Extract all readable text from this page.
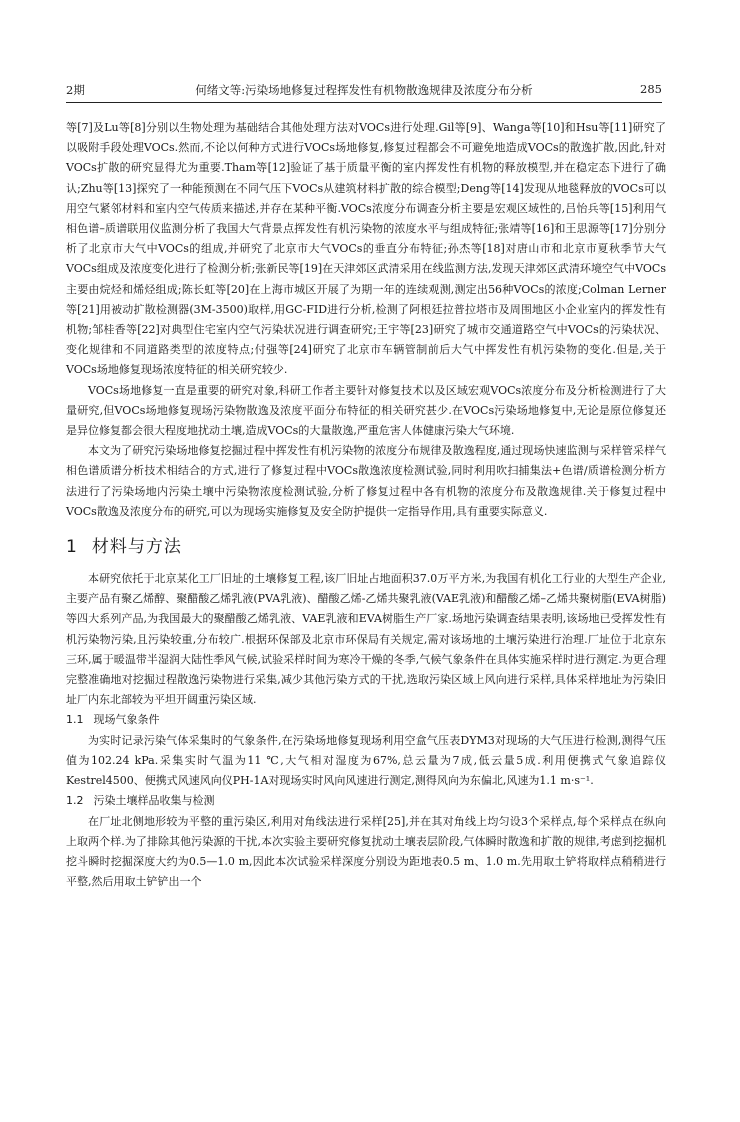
2期	何绪文等:污染场地修复过程挥发性有机物散逸规律及浓度分布分析	285

等[7]及Lu等[8]分别以生物处理为基础结合其他处理方法对VOCs进行处理.Gil等[9]、Wanga等[10]和Hsu等[11]研究了以吸附手段处理VOCs.然而,不论以何种方式进行VOCs场地修复,修复过程都会不可避免地造成VOCs的散逸扩散,因此,针对VOCs扩散的研究显得尤为重要.Tham等[12]验证了基于质量平衡的室内挥发性有机物的释放模型,并在稳定态下进行了确认;Zhu等[13]探究了一种能预测在不同气压下VOCs从建筑材料扩散的综合模型;Deng等[14]发现从地毯释放的VOCs可以用空气紧邻材料和室内空气传质来描述,并存在某种平衡.VOCs浓度分布调查分析主要是宏观区域性的,吕怡兵等[15]利用气相色谱–质谱联用仪监测分析了我国大气背景点挥发性有机污染物的浓度水平与组成特征;张靖等[16]和王思源等[17]分别分析了北京市大气中VOCs的组成,并研究了北京市大气VOCs的垂直分布特征;孙杰等[18]对唐山市和北京市夏秋季节大气VOCs组成及浓度变化进行了检测分析;张新民等[19]在天津郊区武清采用在线监测方法,发现天津郊区武清环境空气中VOCs主要由烷烃和烯烃组成;陈长虹等[20]在上海市城区开展了为期一年的连续观测,测定出56种VOCs的浓度;Colman Lerner等[21]用被动扩散检测器(3M-3500)取样,用GC-FID进行分析,检测了阿根廷拉普拉塔市及周围地区小企业室内的挥发性有机物;邹桂香等[22]对典型住宅室内空气污染状况进行调查研究;王宇等[23]研究了城市交通道路空气中VOCs的污染状况、变化规律和不同道路类型的浓度特点;付强等[24]研究了北京市车辆管制前后大气中挥发性有机污染物的变化.但是,关于VOCs场地修复现场浓度特征的相关研究较少.

VOCs场地修复一直是重要的研究对象,科研工作者主要针对修复技术以及区域宏观VOCs浓度分布及分析检测进行了大量研究,但VOCs场地修复现场污染物散逸及浓度平面分布特征的相关研究甚少.在VOCs污染场地修复中,无论是原位修复还是异位修复都会很大程度地扰动土壤,造成VOCs的大量散逸,严重危害人体健康污染大气环境.

本文为了研究污染场地修复挖掘过程中挥发性有机污染物的浓度分布规律及散逸程度,通过现场快速监测与采样管采样气相色谱质谱分析技术相结合的方式,进行了修复过程中VOCs散逸浓度检测试验,同时利用吹扫捕集法+色谱/质谱检测分析方法进行了污染场地内污染土壤中污染物浓度检测试验,分析了修复过程中各有机物的浓度分布及散逸规律.关于修复过程中VOCs散逸及浓度分布的研究,可以为现场实施修复及安全防护提供一定指导作用,具有重要实际意义.

1 材料与方法

本研究依托于北京某化工厂旧址的土壤修复工程,该厂旧址占地面积37.0万平方米,为我国有机化工行业的大型生产企业,主要产品有聚乙烯醇、聚醋酸乙烯乳液(PVA乳液)、醋酸乙烯-乙烯共聚乳液(VAE乳液)和醋酸乙烯–乙烯共聚树脂(EVA树脂)等四大系列产品,为我国最大的聚醋酸乙烯乳液、VAE乳液和EVA树脂生产厂家.场地污染调查结果表明,该场地已受挥发性有机污染物污染,且污染较重,分布较广.根据环保部及北京市环保局有关规定,需对该场地的土壤污染进行治理.厂址位于北京东三环,属于暖温带半湿润大陆性季风气候,试验采样时间为寒冷干燥的冬季,气候气象条件在具体实施采样时进行测定.为更合理完整准确地对挖掘过程散逸污染物进行采集,减少其他污染方式的干扰,选取污染区域上风向进行采样,具体采样地址为污染旧址厂内东北部较为平坦开阔重污染区域.

1.1 现场气象条件

为实时记录污染气体采集时的气象条件,在污染场地修复现场利用空盒气压表DYM3对现场的大气压进行检测,测得气压值为102.24 kPa.采集实时气温为11 ℃,大气相对湿度为67%,总云量为7成,低云量5成.利用便携式气象追踪仪Kestrel4500、便携式风速风向仪PH-1A对现场实时风向风速进行测定,测得风向为东偏北,风速为1.1 m·s⁻¹.

1.2 污染土壤样品收集与检测

在厂址北侧地形较为平整的重污染区,利用对角线法进行采样[25],并在其对角线上均匀设3个采样点,每个采样点在纵向上取两个样.为了排除其他污染源的干扰,本次实验主要研究修复扰动土壤表层阶段,气体瞬时散逸和扩散的规律,考虑到挖掘机挖斗瞬时挖掘深度大约为0.5—1.0 m,因此本次试验采样深度分别设为距地表0.5 m、1.0 m.先用取土铲将取样点稍稍进行平整,然后用取土铲铲出一个
